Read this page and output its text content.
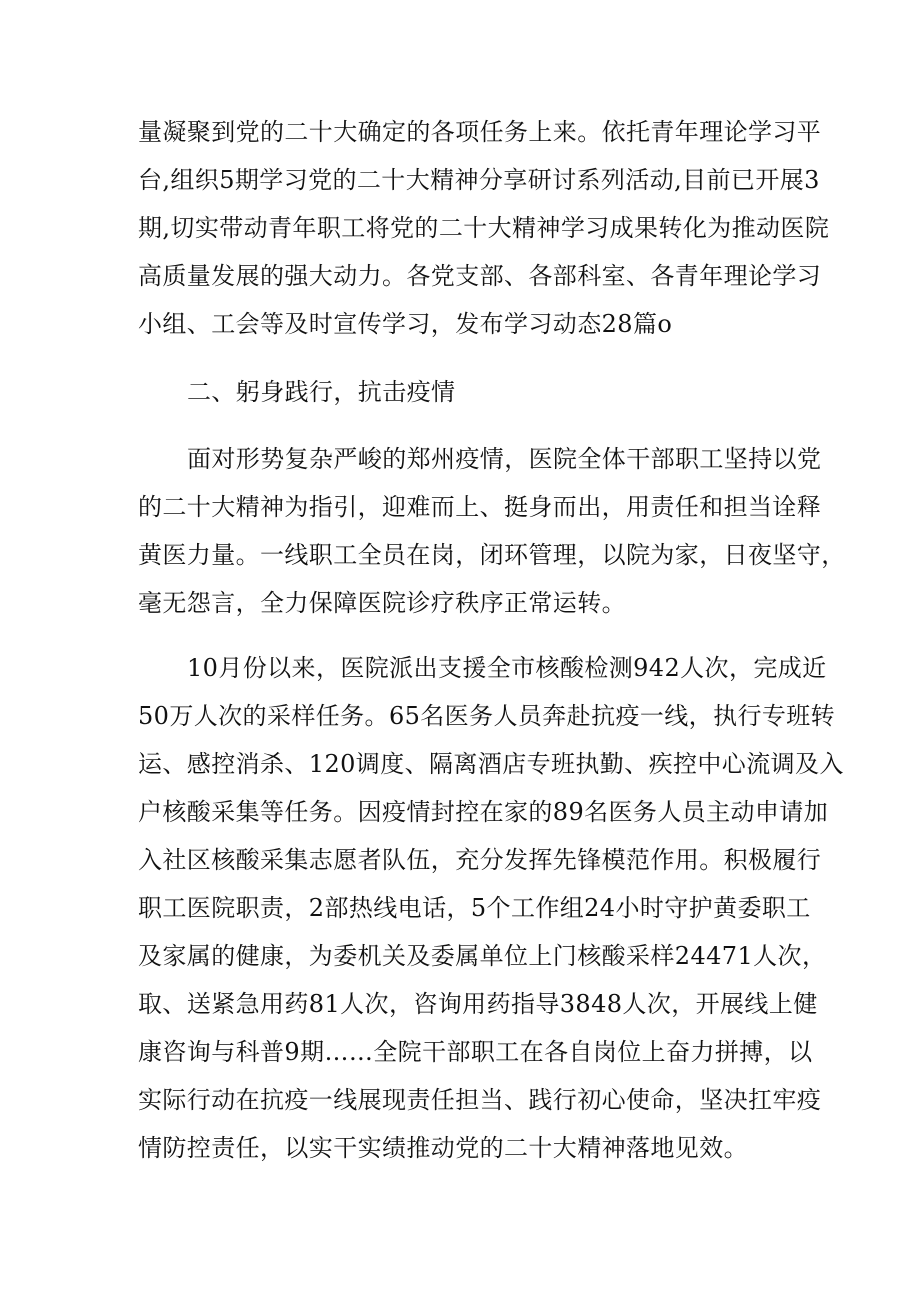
量凝聚到党的二十大确定的各项任务上来。依托青年理论学习平
台,组织5期学习党的二十大精神分享研讨系列活动,目前已开展3
期,切实带动青年职工将党的二十大精神学习成果转化为推动医院
高质量发展的强大动力。各党支部、各部科室、各青年理论学习
小组、工会等及时宣传学习，发布学习动态28篇o
二、躬身践行，抗击疫情
面对形势复杂严峻的郑州疫情，医院全体干部职工坚持以党
的二十大精神为指引，迎难而上、挺身而出，用责任和担当诠释
黄医力量。一线职工全员在岗，闭环管理，以院为家，日夜坚守，
毫无怨言，全力保障医院诊疗秩序正常运转。
10月份以来，医院派出支援全市核酸检测942人次，完成近
50万人次的采样任务。65名医务人员奔赴抗疫一线，执行专班转
运、感控消杀、120调度、隔离酒店专班执勤、疾控中心流调及入
户核酸采集等任务。因疫情封控在家的89名医务人员主动申请加
入社区核酸采集志愿者队伍，充分发挥先锋模范作用。积极履行
职工医院职责，2部热线电话，5个工作组24小时守护黄委职工
及家属的健康，为委机关及委属单位上门核酸采样24471人次，
取、送紧急用药81人次，咨询用药指导3848人次，开展线上健
康咨询与科普9期……全院干部职工在各自岗位上奋力拼搏，以
实际行动在抗疫一线展现责任担当、践行初心使命，坚决扛牢疫
情防控责任，以实干实绩推动党的二十大精神落地见效。
